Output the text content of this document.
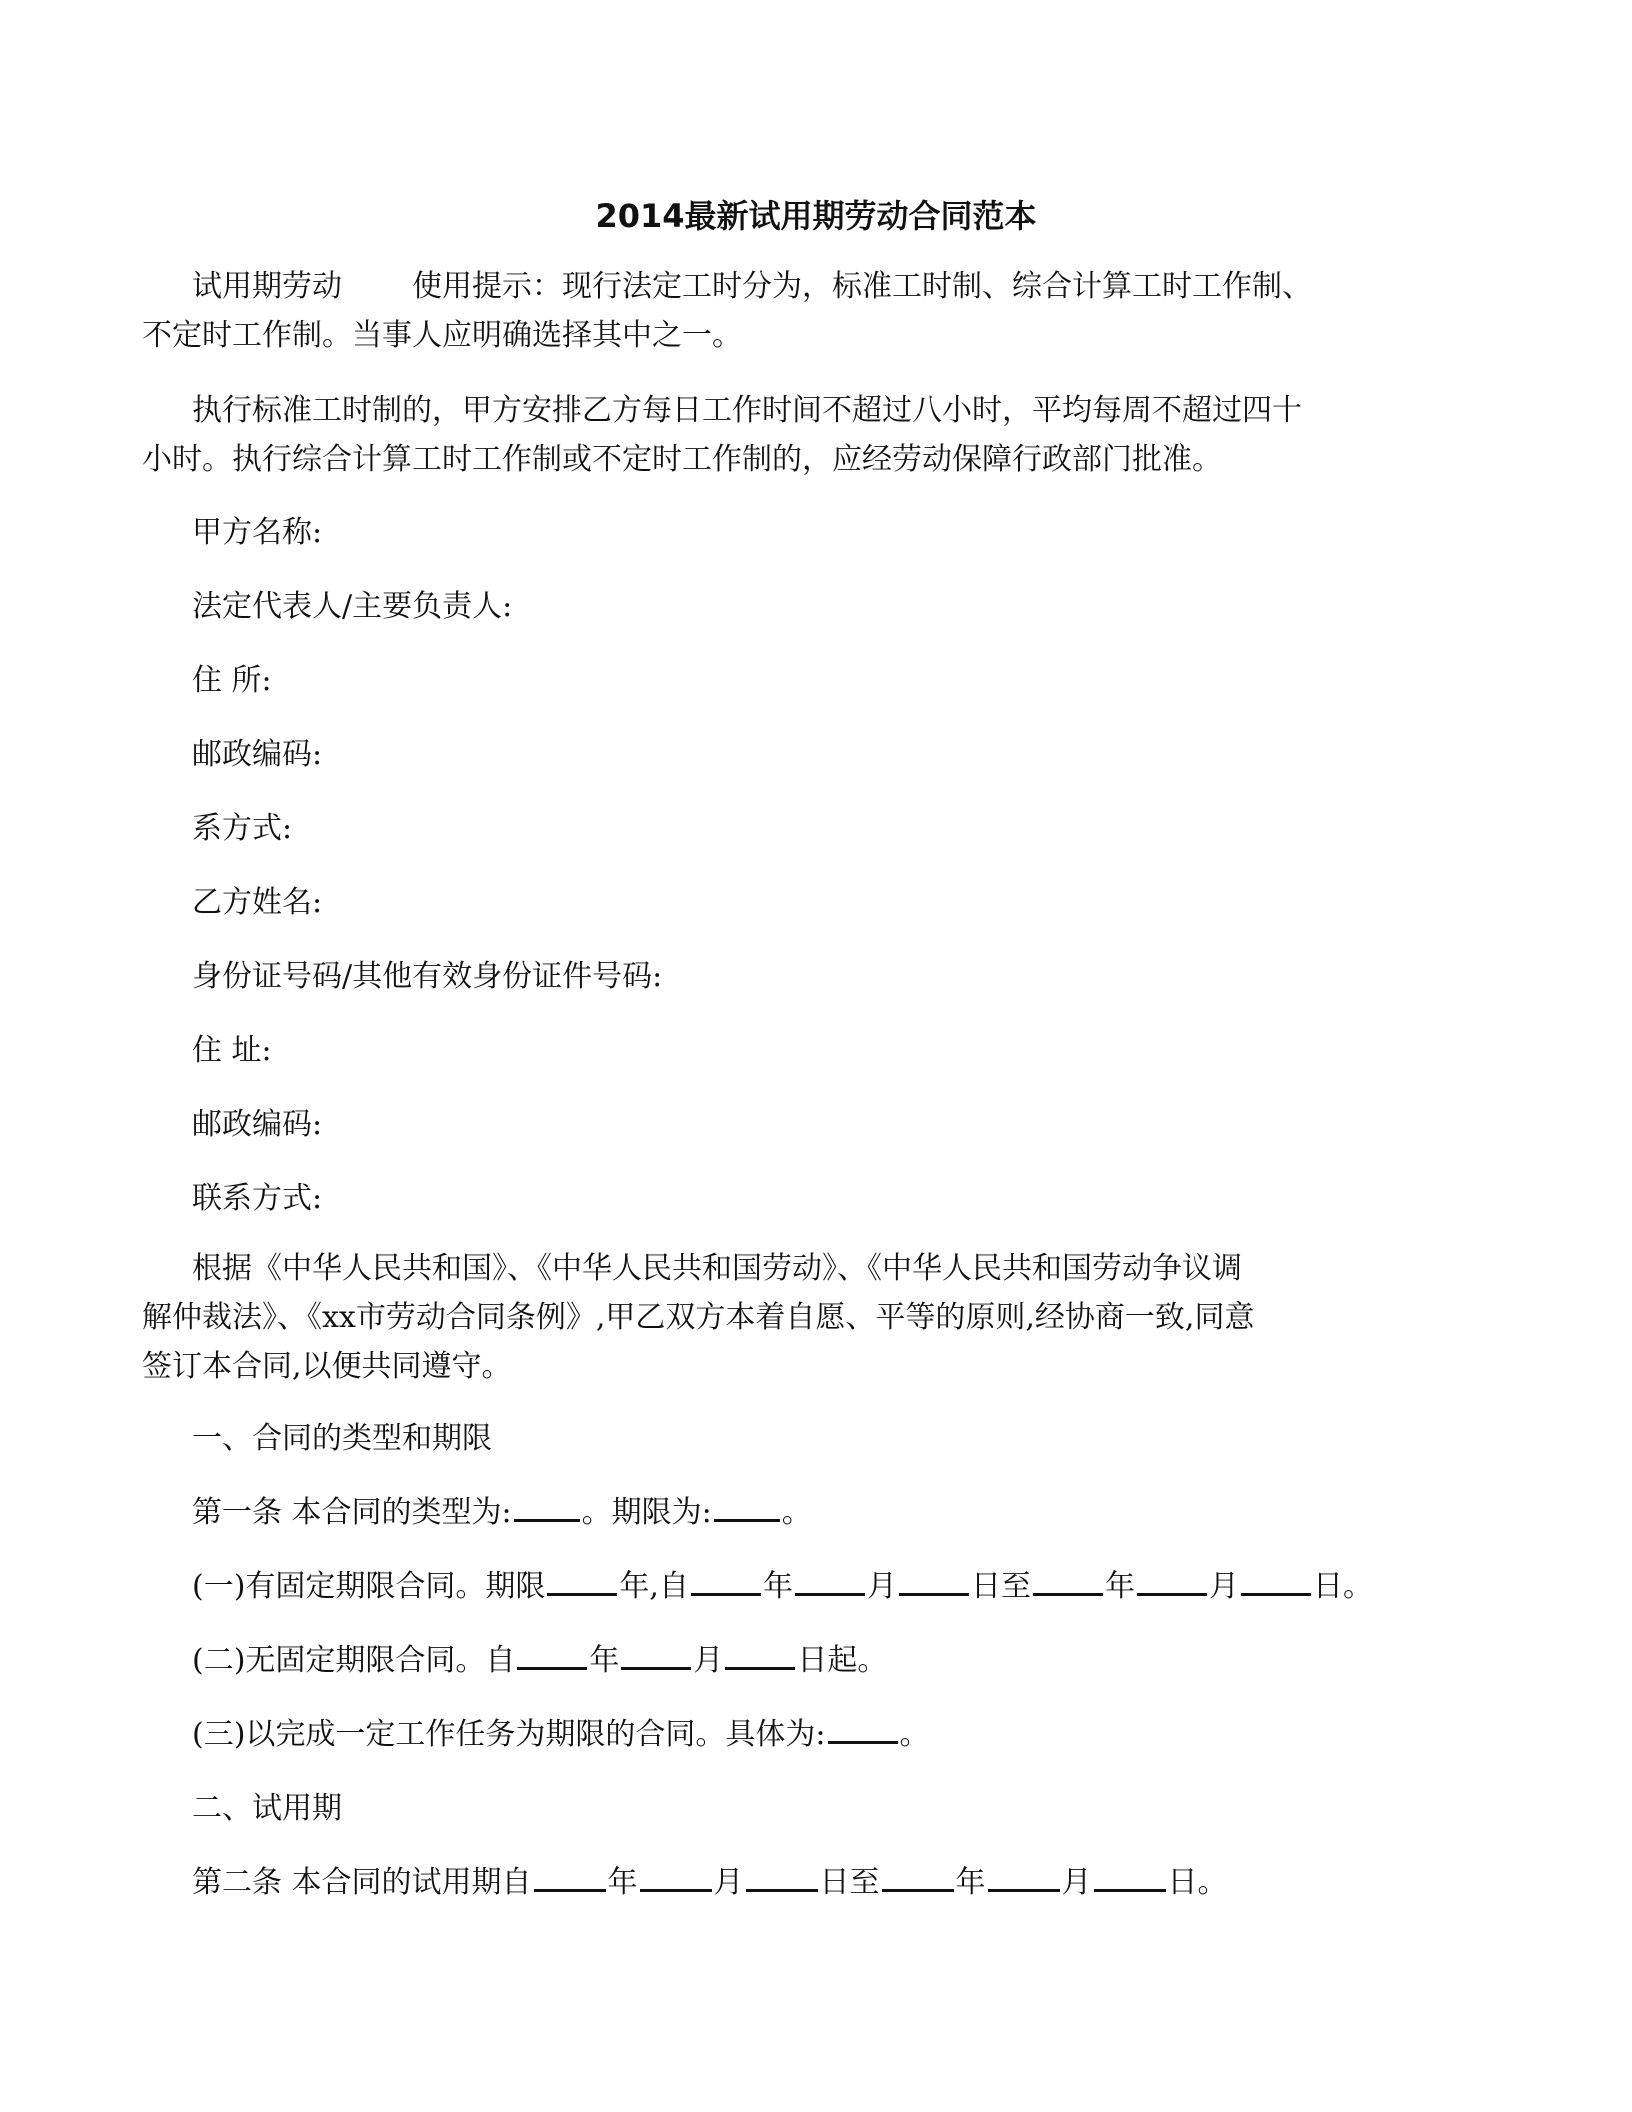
2014最新试用期劳动合同范本
试用期劳动 使用提示：现行法定工时分为，标准工时制、综合计算工时工作制、
不定时工作制。当事人应明确选择其中之一。
执行标准工时制的，甲方安排乙方每日工作时间不超过八小时，平均每周不超过四十
小时。执行综合计算工时工作制或不定时工作制的，应经劳动保障行政部门批准。
甲方名称:
法定代表人/主要负责人:
住 所:
邮政编码:
系方式:
乙方姓名:
身份证号码/其他有效身份证件号码:
住 址:
邮政编码:
联系方式:
根据《中华人民共和国》、《中华人民共和国劳动》、《中华人民共和国劳动争议调
解仲裁法》、《xx市劳动合同条例》,甲乙双方本着自愿、平等的原则,经协商一致,同意
签订本合同,以便共同遵守。
一、合同的类型和期限
第一条 本合同的类型为: 。期限为: 。
(一)有固定期限合同。期限 年,自 年 月 日至 年 月 日。
(二)无固定期限合同。自 年 月 日起。
(三)以完成一定工作任务为期限的合同。具体为: 。
二、试用期
第二条 本合同的试用期自	年	月	日至	年	月	日。
